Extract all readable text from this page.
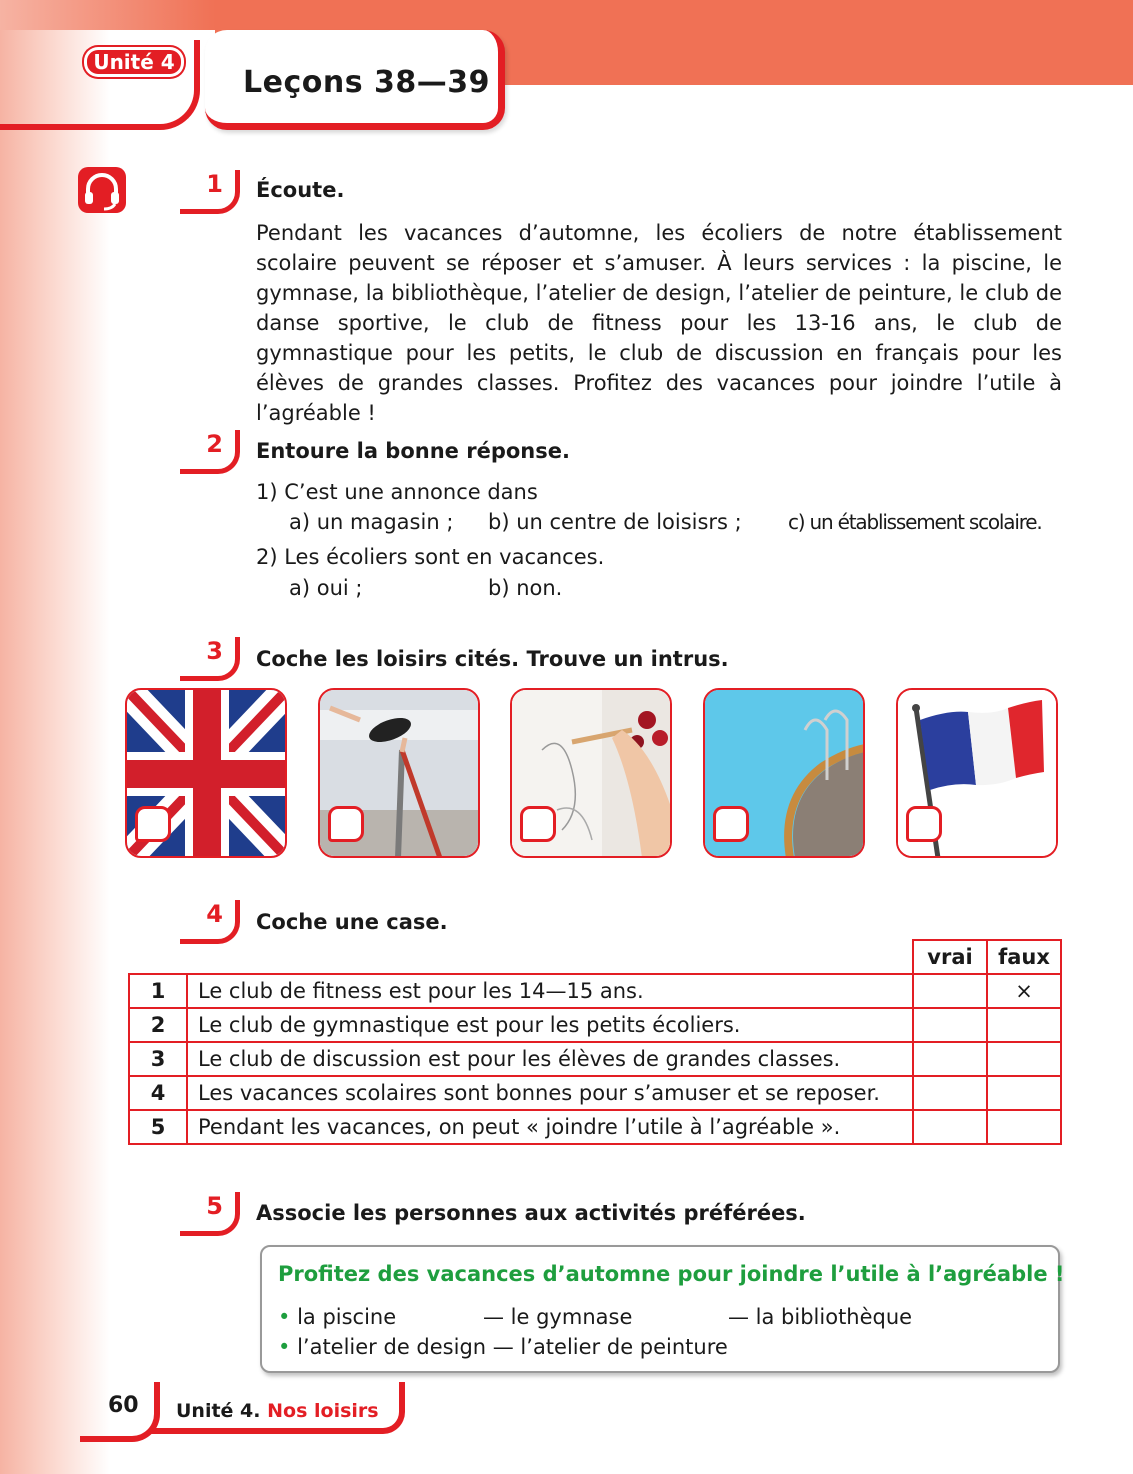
Unité 4
Leçons 38—39
1 Écoute.
Pendant les vacances d’automne, les écoliers de notre établissement scolaire peuvent se réposer et s’amuser. À leurs services : la piscine, le gymnase, la bibliothèque, l’atelier de design, l’atelier de peinture, le club de danse sportive, le club de fitness pour les 13-16 ans, le club de gymnastique pour les petits, le club de discussion en français pour les élèves de grandes classes. Profitez des vacances pour joindre l’utile à l’agréable !
2 Entoure la bonne réponse.
1) C’est une annonce dans
a) un magasin ; b) un centre de loisisrs ; c) un établissement scolaire.
2) Les écoliers sont en vacances.
a) oui ;	b) non.
3 Coche les loisirs cités. Trouve un intrus.
4 Coche une case.
		vrai	faux
1	Le club de fitness est pour les 14—15 ans.		×
2	Le club de gymnastique est pour les petits écoliers.		
3	Le club de discussion est pour les élèves de grandes classes.		
4	Les vacances scolaires sont bonnes pour s’amuser et se reposer.		
5	Pendant les vacances, on peut « joindre l’utile à l’agréable ».		
5 Associe les personnes aux activités préférées.
Profitez des vacances d’automne pour joindre l’utile à l’agréable !
• la piscine	— le gymnase	— la bibliothèque
• l’atelier de design — l’atelier de peinture
60 Unité 4. Nos loisirs
